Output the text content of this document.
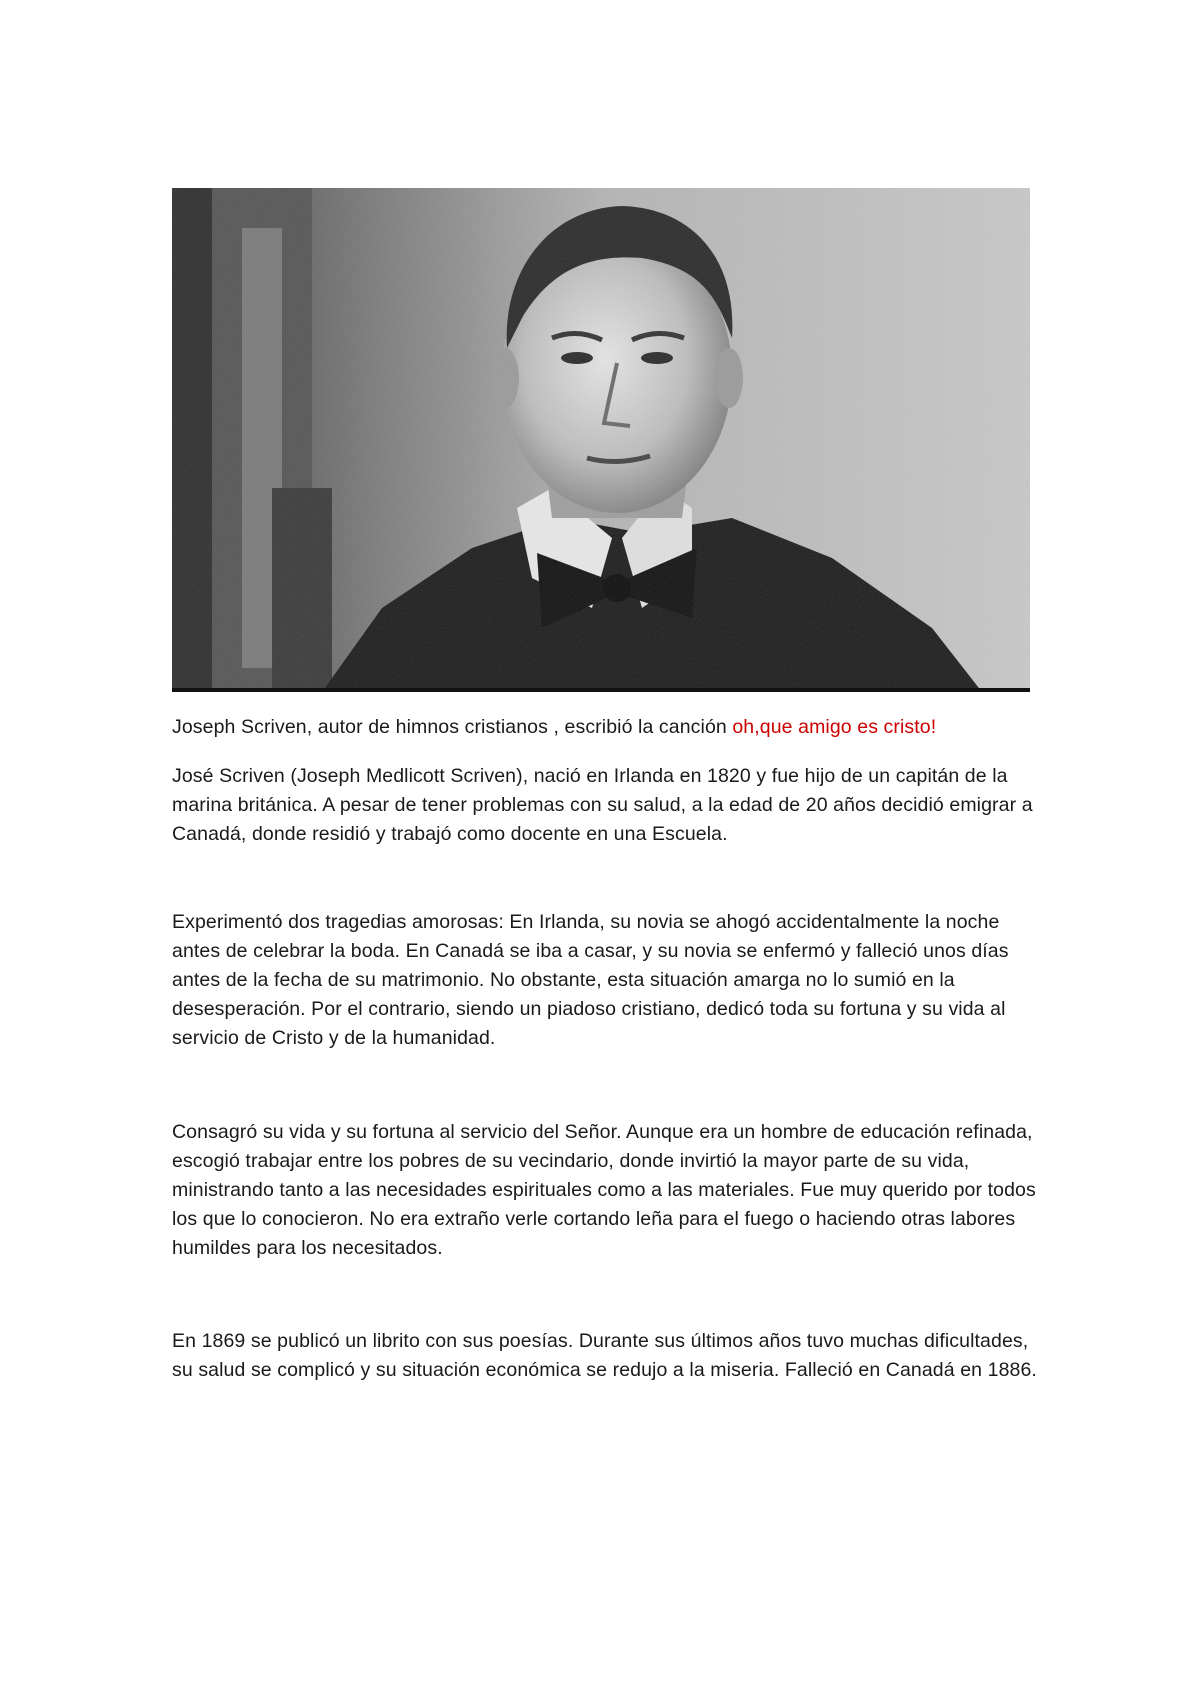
Joseph Scriven, autor de himnos cristianos , escribió la canción oh,que amigo es cristo!

José Scriven (Joseph Medlicott Scriven), nació en Irlanda en 1820 y fue hijo de un capitán de la marina británica. A pesar de tener problemas con su salud, a la edad de 20 años decidió emigrar a Canadá, donde residió y trabajó como docente en una Escuela.

Experimentó dos tragedias amorosas: En Irlanda, su novia se ahogó accidentalmente la noche antes de celebrar la boda. En Canadá se iba a casar, y su novia se enfermó y falleció unos días antes de la fecha de su matrimonio. No obstante, esta situación amarga no lo sumió en la desesperación. Por el contrario, siendo un piadoso cristiano, dedicó toda su fortuna y su vida al servicio de Cristo y de la humanidad.

Consagró su vida y su fortuna al servicio del Señor. Aunque era un hombre de educación refinada, escogió trabajar entre los pobres de su vecindario, donde invirtió la mayor parte de su vida, ministrando tanto a las necesidades espirituales como a las materiales. Fue muy querido por todos los que lo conocieron. No era extraño verle cortando leña para el fuego o haciendo otras labores humildes para los necesitados.

En 1869 se publicó un librito con sus poesías. Durante sus últimos años tuvo muchas dificultades, su salud se complicó y su situación económica se redujo a la miseria. Falleció en Canadá en 1886.
